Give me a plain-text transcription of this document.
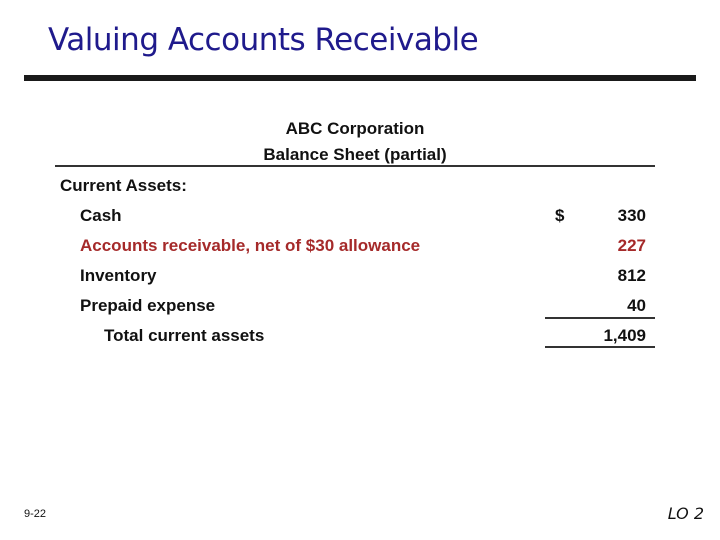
Valuing Accounts Receivable
ABC Corporation
Balance Sheet (partial)
Current Assets:
Cash	$	330
Accounts receivable, net of $30 allowance	227
Inventory	812
Prepaid expense	40
Total current assets	1,409
9-22	LO 2
